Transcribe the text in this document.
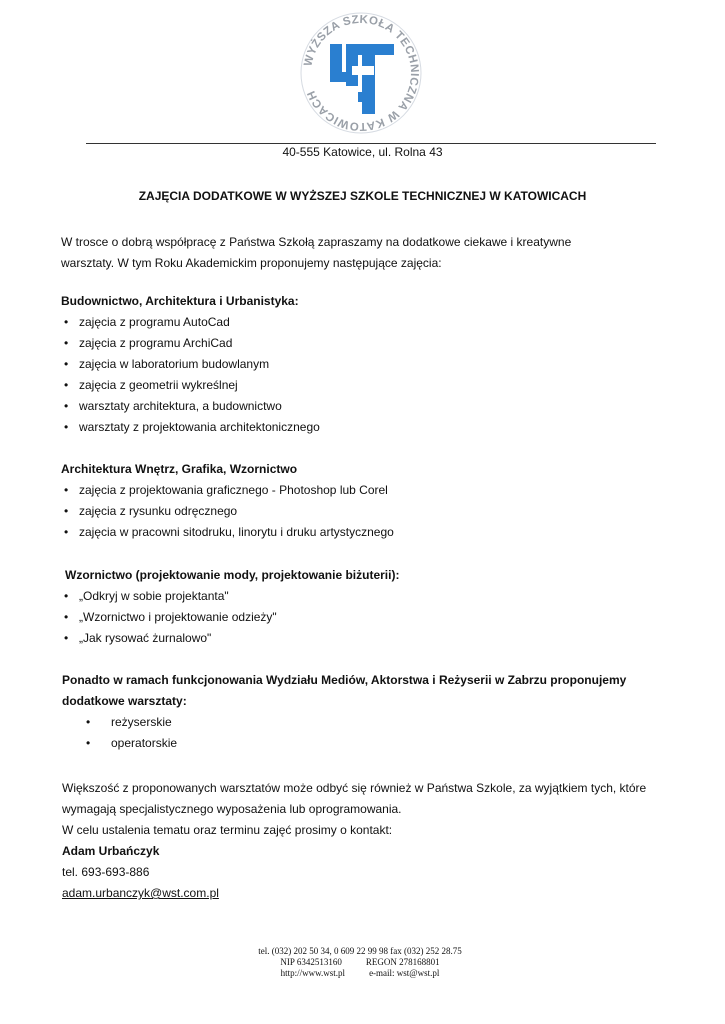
WYŻSZA SZKOŁA TECHNICZNA W KATOWICACH
40-555 Katowice, ul. Rolna 43
ZAJĘCIA DODATKOWE W WYŻSZEJ SZKOLE TECHNICZNEJ W KATOWICACH
W trosce o dobrą współpracę z Państwa Szkołą zapraszamy na dodatkowe ciekawe i kreatywne
warsztaty. W tym Roku Akademickim proponujemy następujące zajęcia:
Budownictwo, Architektura i Urbanistyka:
• zajęcia z programu AutoCad
• zajęcia z programu ArchiCad
• zajęcia w laboratorium budowlanym
• zajęcia z geometrii wykreślnej
• warsztaty architektura, a budownictwo
• warsztaty z projektowania architektonicznego
Architektura Wnętrz, Grafika, Wzornictwo
• zajęcia z projektowania graficznego - Photoshop lub Corel
• zajęcia z rysunku odręcznego
• zajęcia w pracowni sitodruku, linorytu i druku artystycznego
Wzornictwo (projektowanie mody, projektowanie biżuterii):
• „Odkryj w sobie projektanta"
• „Wzornictwo i projektowanie odzieży"
• „Jak rysować żurnalowo"
Ponadto w ramach funkcjonowania Wydziału Mediów, Aktorstwa i Reżyserii w Zabrzu proponujemy
dodatkowe warsztaty:
• reżyserskie
• operatorskie
Większość z proponowanych warsztatów może odbyć się również w Państwa Szkole, za wyjątkiem tych, które
wymagają specjalistycznego wyposażenia lub oprogramowania.
W celu ustalenia tematu oraz terminu zajęć prosimy o kontakt:
Adam Urbańczyk
tel. 693-693-886
adam.urbanczyk@wst.com.pl
tel. (032) 202 50 34, 0 609 22 99 98 fax (032) 252 28.75
NIP 6342513160	REGON 278168801
http://www.wst.pl	e-mail: wst@wst.pl
